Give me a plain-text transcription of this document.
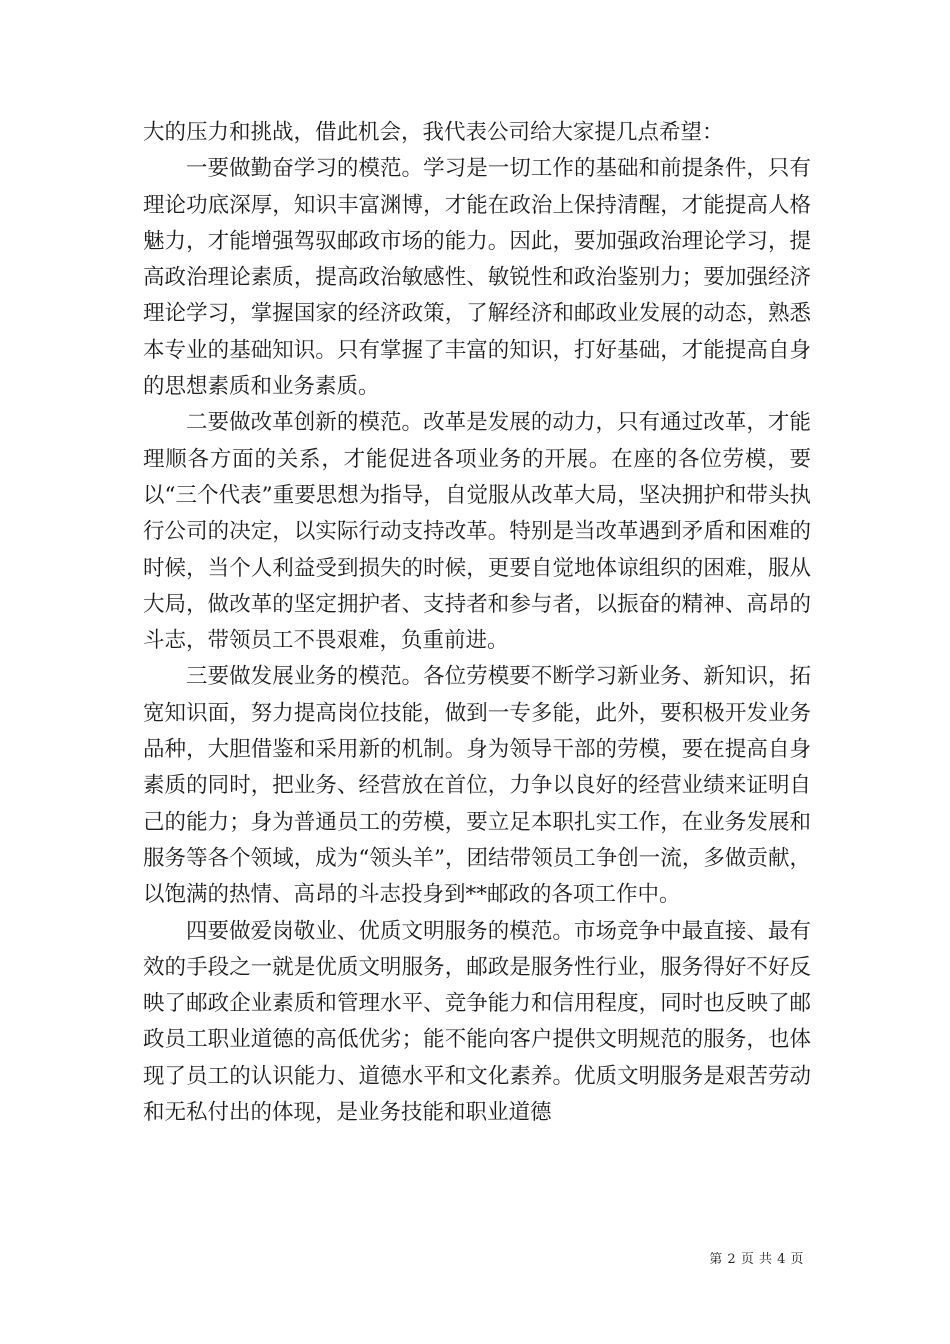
大的压力和挑战，借此机会，我代表公司给大家提几点希望：

一要做勤奋学习的模范。学习是一切工作的基础和前提条件，只有理论功底深厚，知识丰富渊博，才能在政治上保持清醒，才能提高人格魅力，才能增强驾驭邮政市场的能力。因此，要加强政治理论学习，提高政治理论素质，提高政治敏感性、敏锐性和政治鉴别力；要加强经济理论学习，掌握国家的经济政策，了解经济和邮政业发展的动态，熟悉本专业的基础知识。只有掌握了丰富的知识，打好基础，才能提高自身的思想素质和业务素质。

二要做改革创新的模范。改革是发展的动力，只有通过改革，才能理顺各方面的关系，才能促进各项业务的开展。在座的各位劳模，要以“三个代表”重要思想为指导，自觉服从改革大局，坚决拥护和带头执行公司的决定，以实际行动支持改革。特别是当改革遇到矛盾和困难的时候，当个人利益受到损失的时候，更要自觉地体谅组织的困难，服从大局，做改革的坚定拥护者、支持者和参与者，以振奋的精神、高昂的斗志，带领员工不畏艰难，负重前进。

三要做发展业务的模范。各位劳模要不断学习新业务、新知识，拓宽知识面，努力提高岗位技能，做到一专多能，此外，要积极开发业务品种，大胆借鉴和采用新的机制。身为领导干部的劳模，要在提高自身素质的同时，把业务、经营放在首位，力争以良好的经营业绩来证明自己的能力；身为普通员工的劳模，要立足本职扎实工作，在业务发展和服务等各个领域，成为“领头羊”，团结带领员工争创一流，多做贡献，以饱满的热情、高昂的斗志投身到**邮政的各项工作中。

四要做爱岗敬业、优质文明服务的模范。市场竞争中最直接、最有效的手段之一就是优质文明服务，邮政是服务性行业，服务得好不好反映了邮政企业素质和管理水平、竞争能力和信用程度，同时也反映了邮政员工职业道德的高低优劣；能不能向客户提供文明规范的服务，也体现了员工的认识能力、道德水平和文化素养。优质文明服务是艰苦劳动和无私付出的体现，是业务技能和职业道德

第 2 页 共 4 页
